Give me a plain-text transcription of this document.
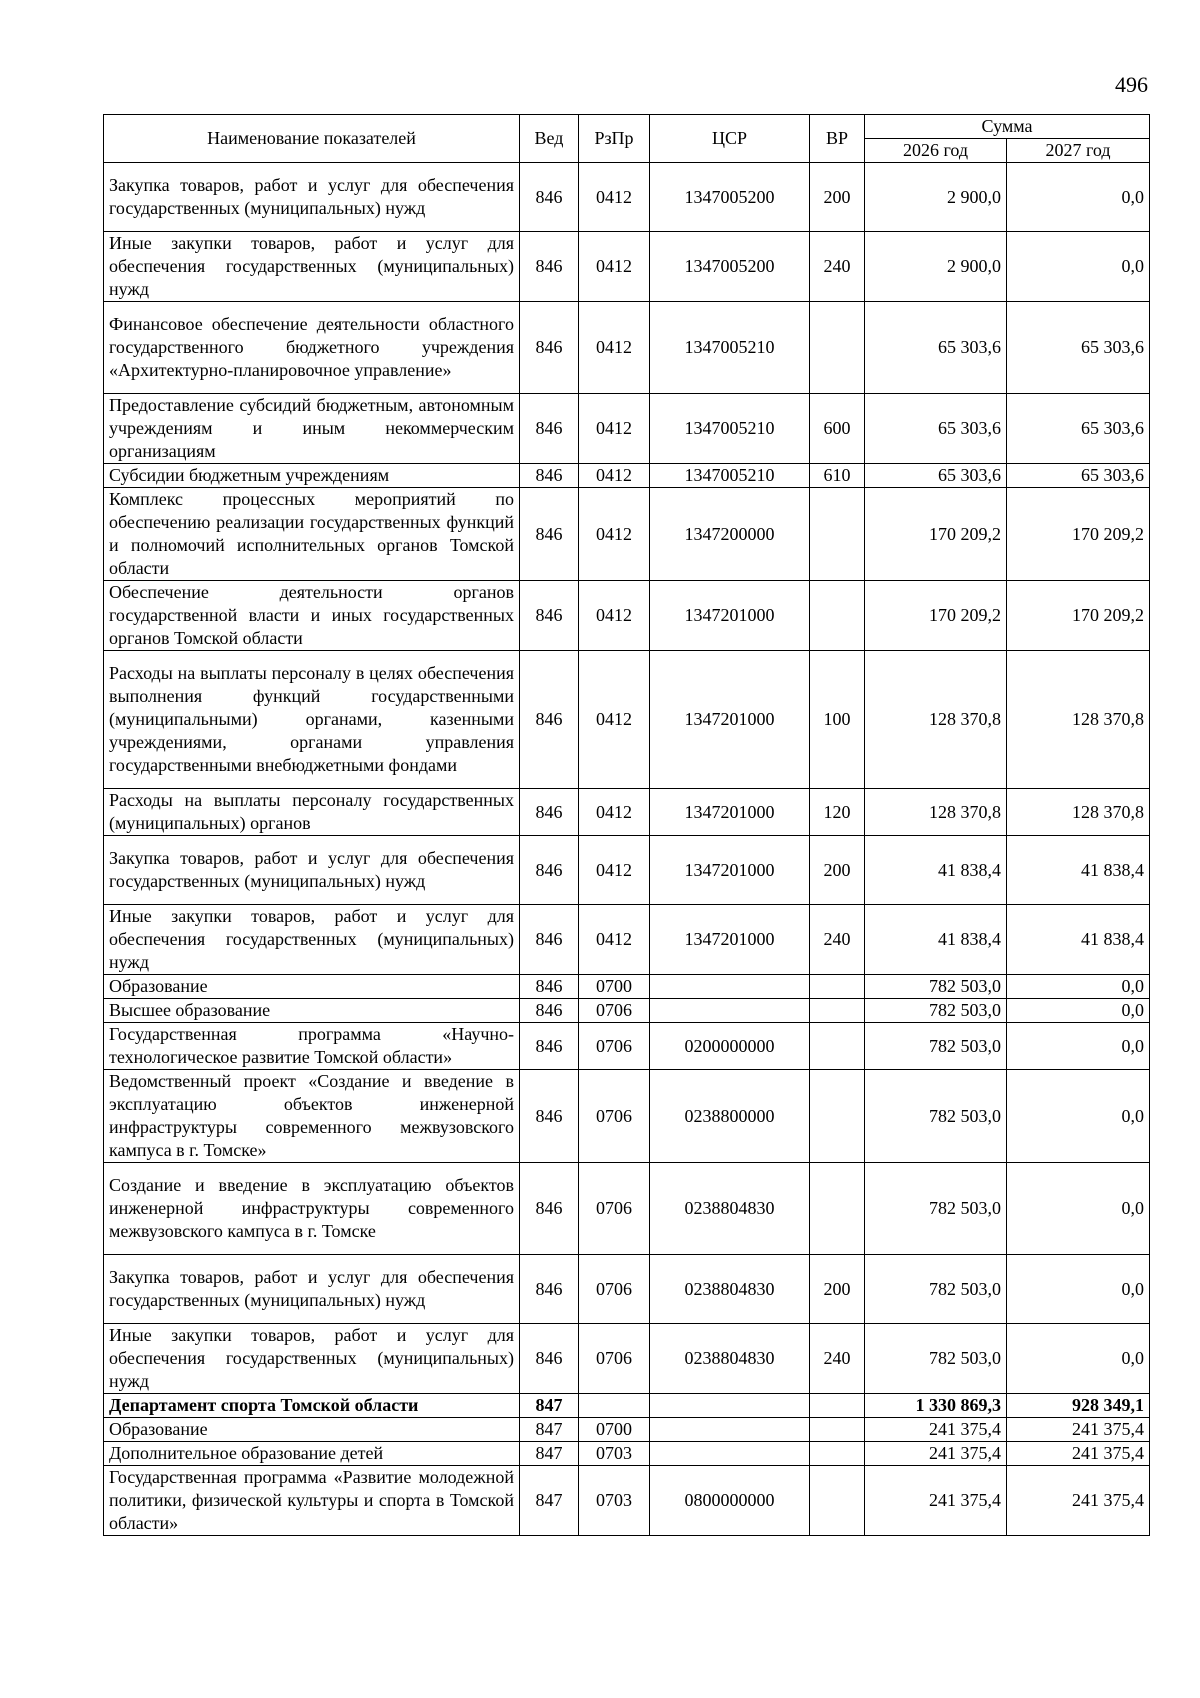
496
Наименование показателей	Вед	РзПр	ЦСР	ВР	Сумма	
					2026 год	2027 год
Закупка товаров, работ и услуг для обеспечения государственных (муниципальных) нужд	846	0412	1347005200	200	2 900,0	0,0
Иные закупки товаров, работ и услуг для обеспечения государственных (муниципальных) нужд	846	0412	1347005200	240	2 900,0	0,0
Финансовое обеспечение деятельности областного государственного бюджетного учреждения «Архитектурно-планировочное управление»	846	0412	1347005210		65 303,6	65 303,6
Предоставление субсидий бюджетным, автономным учреждениям и иным некоммерческим организациям	846	0412	1347005210	600	65 303,6	65 303,6
Субсидии бюджетным учреждениям	846	0412	1347005210	610	65 303,6	65 303,6
Комплекс процессных мероприятий по обеспечению реализации государственных функций и полномочий исполнительных органов Томской области	846	0412	1347200000		170 209,2	170 209,2
Обеспечение деятельности органов государственной власти и иных государственных органов Томской области	846	0412	1347201000		170 209,2	170 209,2
Расходы на выплаты персоналу в целях обеспечения выполнения функций государственными (муниципальными) органами, казенными учреждениями, органами управления государственными внебюджетными фондами	846	0412	1347201000	100	128 370,8	128 370,8
Расходы на выплаты персоналу государственных (муниципальных) органов	846	0412	1347201000	120	128 370,8	128 370,8
Закупка товаров, работ и услуг для обеспечения государственных (муниципальных) нужд	846	0412	1347201000	200	41 838,4	41 838,4
Иные закупки товаров, работ и услуг для обеспечения государственных (муниципальных) нужд	846	0412	1347201000	240	41 838,4	41 838,4
Образование	846	0700			782 503,0	0,0
Высшее образование	846	0706			782 503,0	0,0
Государственная программа «Научно-технологическое развитие Томской области»	846	0706	0200000000		782 503,0	0,0
Ведомственный проект «Создание и введение в эксплуатацию объектов инженерной инфраструктуры современного межвузовского кампуса в г. Томске»	846	0706	0238800000		782 503,0	0,0
Создание и введение в эксплуатацию объектов инженерной инфраструктуры современного межвузовского кампуса в г. Томске	846	0706	0238804830		782 503,0	0,0
Закупка товаров, работ и услуг для обеспечения государственных (муниципальных) нужд	846	0706	0238804830	200	782 503,0	0,0
Иные закупки товаров, работ и услуг для обеспечения государственных (муниципальных) нужд	846	0706	0238804830	240	782 503,0	0,0
Департамент спорта Томской области	847				1 330 869,3	928 349,1
Образование	847	0700			241 375,4	241 375,4
Дополнительное образование детей	847	0703			241 375,4	241 375,4
Государственная программа «Развитие молодежной политики, физической культуры и спорта в Томской области»	847	0703	0800000000		241 375,4	241 375,4
